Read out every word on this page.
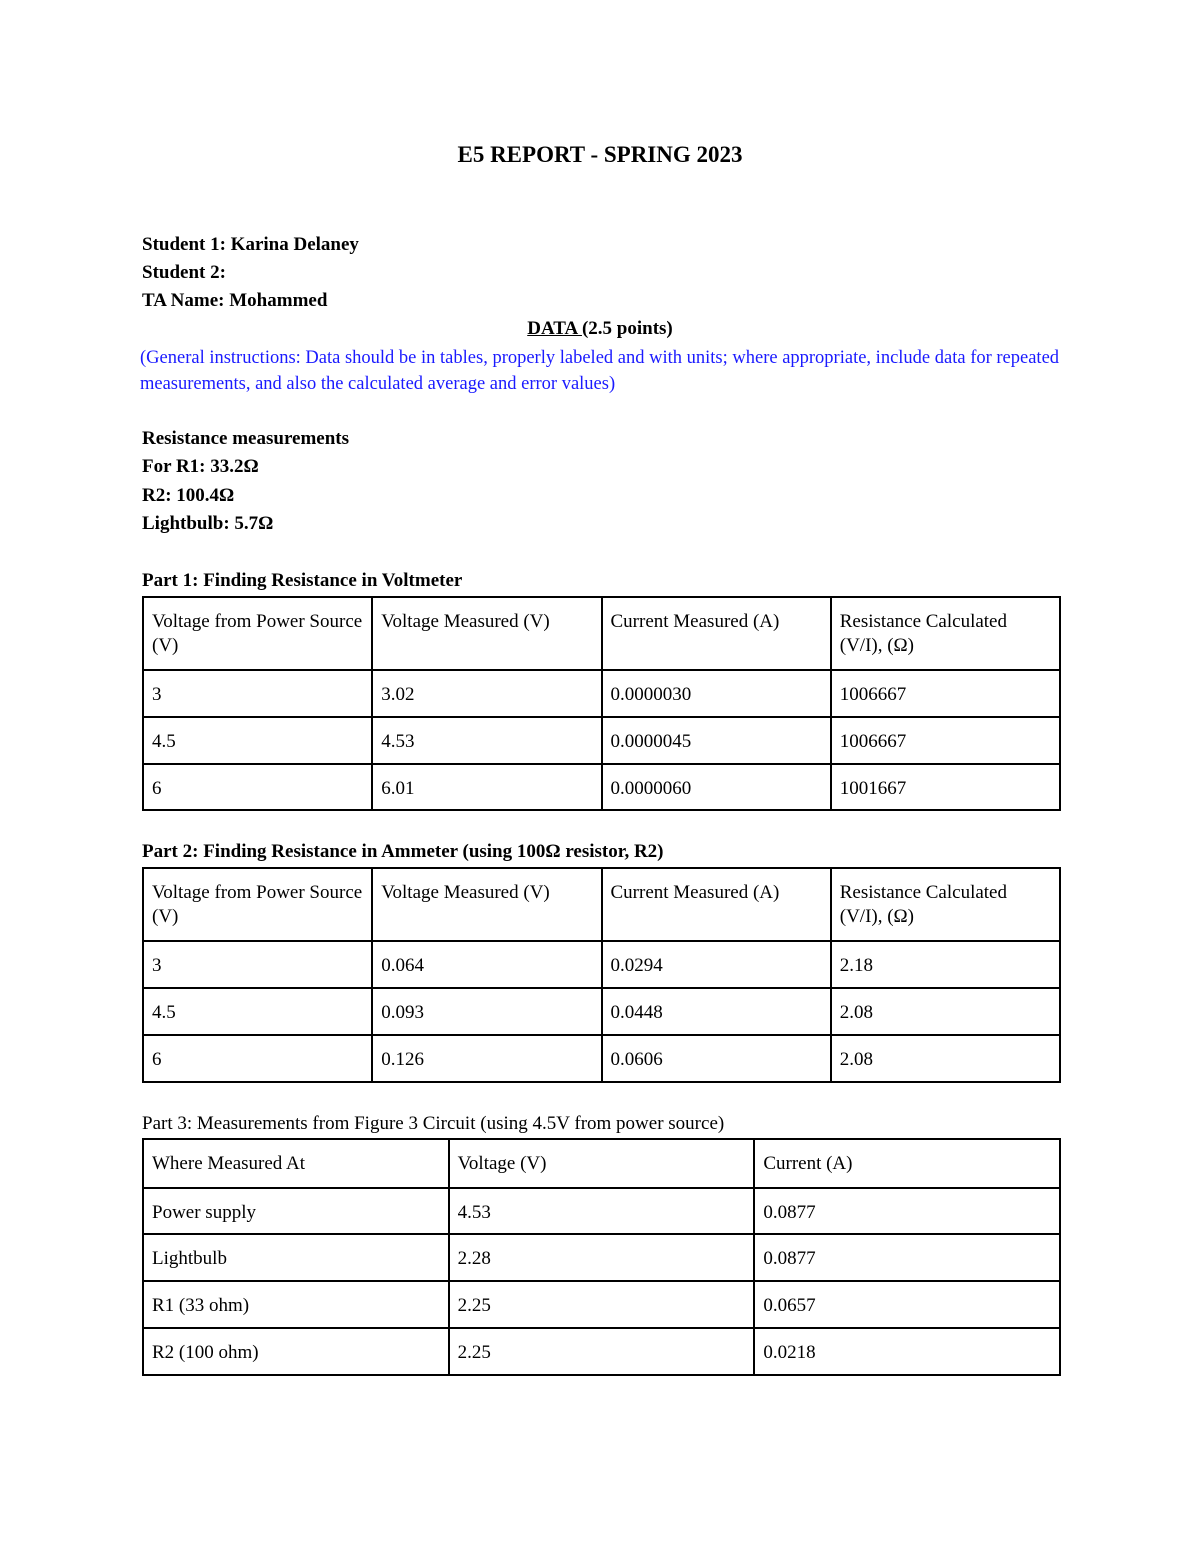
E5 REPORT - SPRING 2023
Student 1: Karina Delaney
Student 2:
TA Name: Mohammed
DATA (2.5 points)
(General instructions: Data should be in tables, properly labeled and with units; where appropriate, include data for repeated measurements, and also the calculated average and error values)
Resistance measurements
For R1: 33.2Ω
R2: 100.4Ω
Lightbulb: 5.7Ω
Part 1: Finding Resistance in Voltmeter
Voltage from Power Source (V)	Voltage Measured (V)	Current Measured (A)	Resistance Calculated (V/I), (Ω)
3	3.02	0.0000030	1006667
4.5	4.53	0.0000045	1006667
6	6.01	0.0000060	1001667
Part 2: Finding Resistance in Ammeter (using 100Ω resistor, R2)
Voltage from Power Source (V)	Voltage Measured (V)	Current Measured (A)	Resistance Calculated (V/I), (Ω)
3	0.064	0.0294	2.18
4.5	0.093	0.0448	2.08
6	0.126	0.0606	2.08
Part 3: Measurements from Figure 3 Circuit (using 4.5V from power source)
Where Measured At	Voltage (V)	Current (A)
Power supply	4.53	0.0877
Lightbulb	2.28	0.0877
R1 (33 ohm)	2.25	0.0657
R2 (100 ohm)	2.25	0.0218
